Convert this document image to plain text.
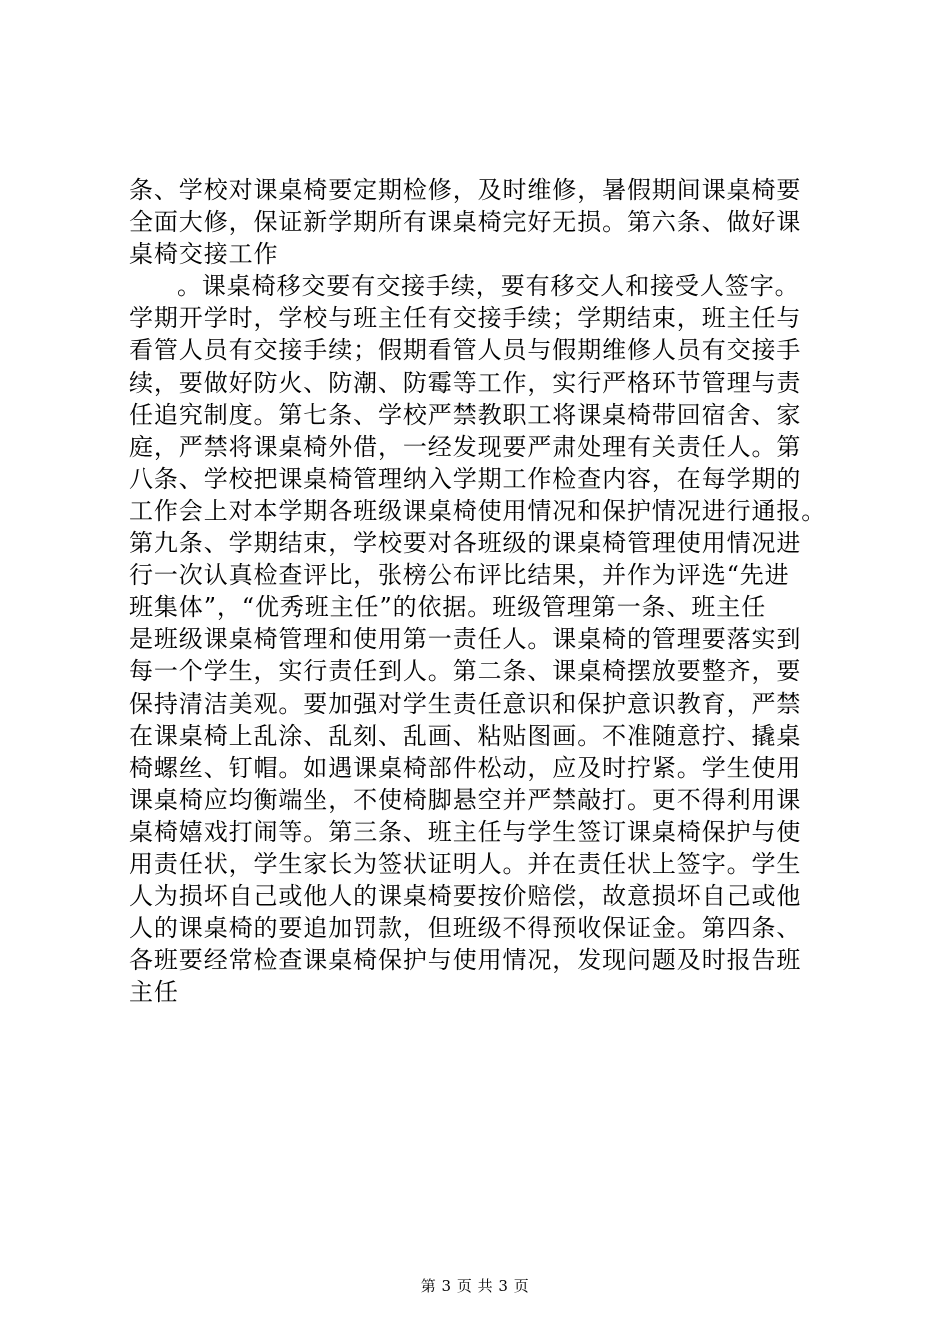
条、学校对课桌椅要定期检修，及时维修，暑假期间课桌椅要
全面大修，保证新学期所有课桌椅完好无损。第六条、做好课
桌椅交接工作
。课桌椅移交要有交接手续，要有移交人和接受人签字。
学期开学时，学校与班主任有交接手续；学期结束，班主任与
看管人员有交接手续；假期看管人员与假期维修人员有交接手
续，要做好防火、防潮、防霉等工作，实行严格环节管理与责
任追究制度。第七条、学校严禁教职工将课桌椅带回宿舍、家
庭，严禁将课桌椅外借，一经发现要严肃处理有关责任人。第
八条、学校把课桌椅管理纳入学期工作检查内容，在每学期的
工作会上对本学期各班级课桌椅使用情况和保护情况进行通报。
第九条、学期结束，学校要对各班级的课桌椅管理使用情况进
行一次认真检查评比，张榜公布评比结果，并作为评选“先进
班集体”，“优秀班主任”的依据。班级管理第一条、班主任
是班级课桌椅管理和使用第一责任人。课桌椅的管理要落实到
每一个学生，实行责任到人。第二条、课桌椅摆放要整齐，要
保持清洁美观。要加强对学生责任意识和保护意识教育，严禁
在课桌椅上乱涂、乱刻、乱画、粘贴图画。不准随意拧、撬桌
椅螺丝、钉帽。如遇课桌椅部件松动，应及时拧紧。学生使用
课桌椅应均衡端坐，不使椅脚悬空并严禁敲打。更不得利用课
桌椅嬉戏打闹等。第三条、班主任与学生签订课桌椅保护与使
用责任状，学生家长为签状证明人。并在责任状上签字。学生
人为损坏自己或他人的课桌椅要按价赔偿，故意损坏自己或他
人的课桌椅的要追加罚款，但班级不得预收保证金。第四条、
各班要经常检查课桌椅保护与使用情况，发现问题及时报告班
主任
第 3 页 共 3 页
